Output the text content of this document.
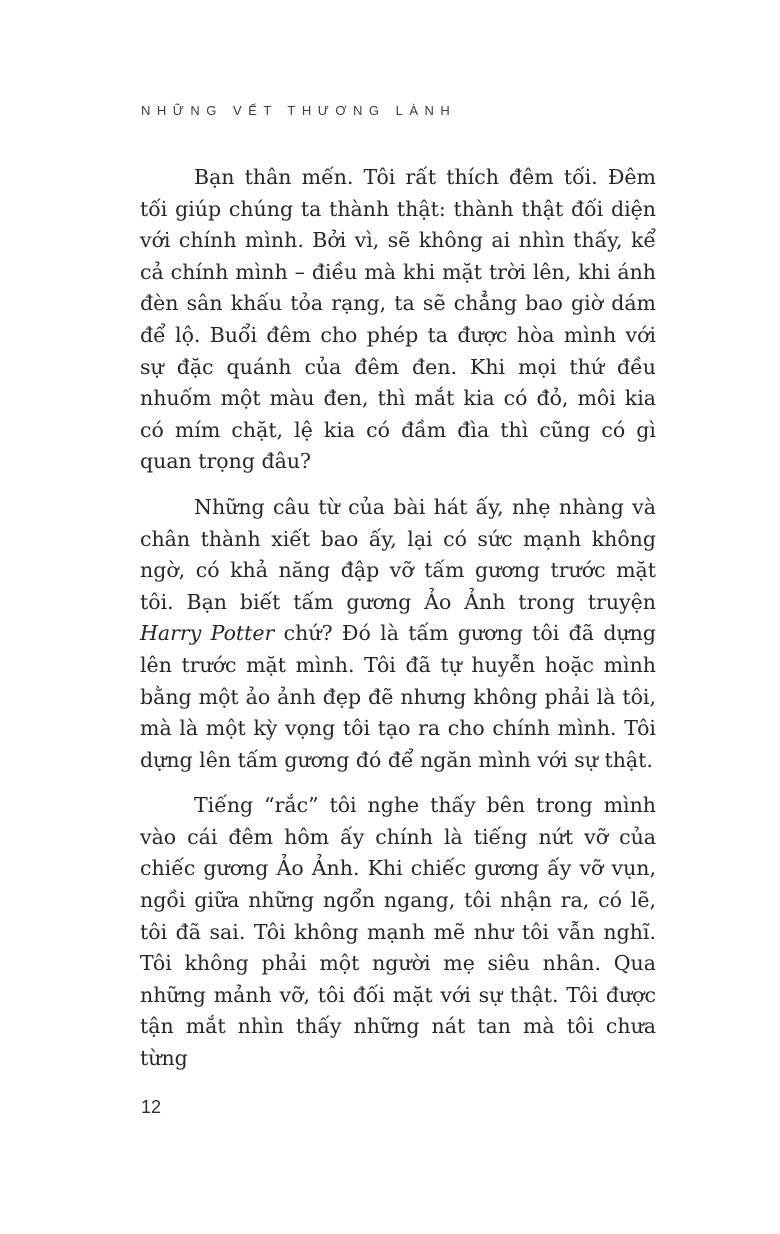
NHỮNG VẾT THƯƠNG LÀNH

Bạn thân mến. Tôi rất thích đêm tối. Đêm tối giúp chúng ta thành thật: thành thật đối diện với chính mình. Bởi vì, sẽ không ai nhìn thấy, kể cả chính mình – điều mà khi mặt trời lên, khi ánh đèn sân khấu tỏa rạng, ta sẽ chẳng bao giờ dám để lộ. Buổi đêm cho phép ta được hòa mình với sự đặc quánh của đêm đen. Khi mọi thứ đều nhuốm một màu đen, thì mắt kia có đỏ, môi kia có mím chặt, lệ kia có đầm đìa thì cũng có gì quan trọng đâu?

Những câu từ của bài hát ấy, nhẹ nhàng và chân thành xiết bao ấy, lại có sức mạnh không ngờ, có khả năng đập vỡ tấm gương trước mặt tôi. Bạn biết tấm gương Ảo Ảnh trong truyện Harry Potter chứ? Đó là tấm gương tôi đã dựng lên trước mặt mình. Tôi đã tự huyễn hoặc mình bằng một ảo ảnh đẹp đẽ nhưng không phải là tôi, mà là một kỳ vọng tôi tạo ra cho chính mình. Tôi dựng lên tấm gương đó để ngăn mình với sự thật.

Tiếng “rắc” tôi nghe thấy bên trong mình vào cái đêm hôm ấy chính là tiếng nứt vỡ của chiếc gương Ảo Ảnh. Khi chiếc gương ấy vỡ vụn, ngồi giữa những ngổn ngang, tôi nhận ra, có lẽ, tôi đã sai. Tôi không mạnh mẽ như tôi vẫn nghĩ. Tôi không phải một người mẹ siêu nhân. Qua những mảnh vỡ, tôi đối mặt với sự thật. Tôi được tận mắt nhìn thấy những nát tan mà tôi chưa từng

12
